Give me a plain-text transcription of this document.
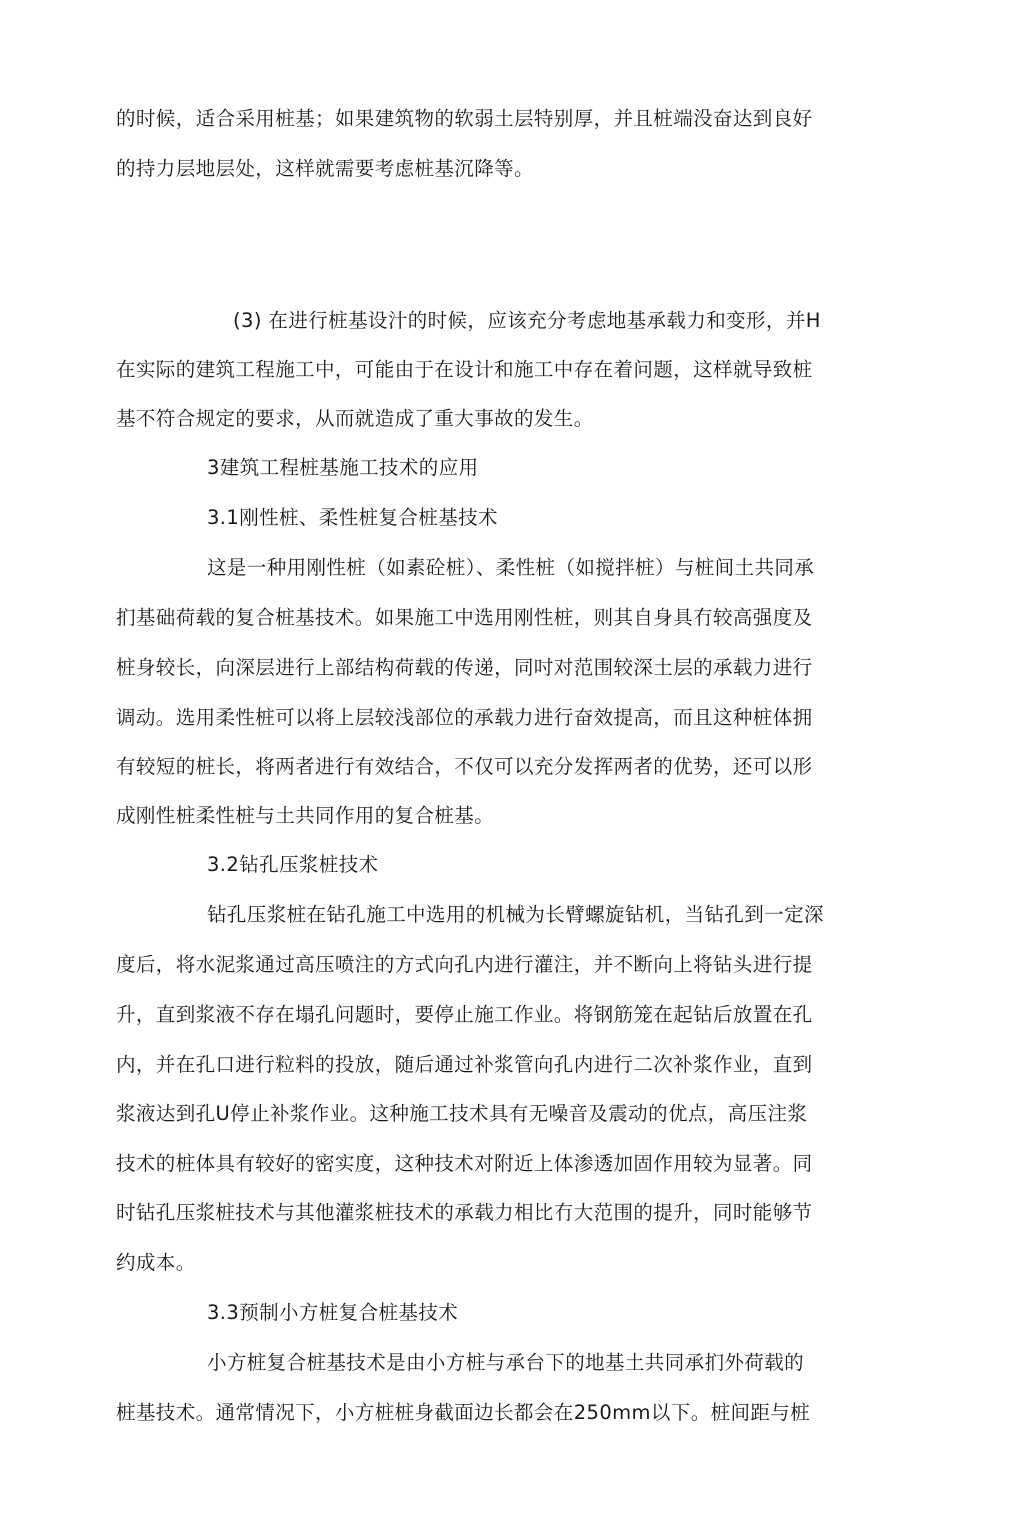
的时候，适合采用桩基；如果建筑物的软弱土层特别厚，并且桩端没奋达到良好
的持力层地层处，这样就需要考虑桩基沉降等。
(3) 在进行桩基设汁的时候，应该充分考虑地基承载力和变形，并H
在实际的建筑工程施工中，可能由于在设计和施工中存在着问题，这样就导致桩
基不符合规定的要求，从而就造成了重大事故的发生。
3建筑工程桩基施工技术的应用
3.1刚性桩、柔性桩复合桩基技术
这是一种用刚性桩（如素砼桩）、柔性桩（如搅拌桩）与桩间土共同承
扪基础荷载的复合桩基技术。如果施工中选用刚性桩，则其自身具冇较高强度及
桩身较长，向深层进行上部结构荷载的传递，同吋对范围较深土层的承载力进行
调动。选用柔性桩可以将上层较浅部位的承载力进行奋效提高，而且这种桩体拥
有较短的桩长，将两者进行有效结合，不仅可以充分发挥两者的优势，还可以形
成刚性桩柔性桩与土共同作用的复合桩基。
3.2钻孔压浆桩技术
钻孔压浆桩在钻孔施工中选用的机械为长臂螺旋钻机，当钻孔到一定深
度后，将水泥浆通过高压喷注的方式向孔内进行灌注，并不断向上将钻头进行提
升，直到浆液不存在塌孔问题时，要停止施工作业。将钢筋笼在起钻后放置在孔
内，并在孔口进行粒料的投放，随后通过补浆管向孔内进行二次补浆作业，直到
浆液达到孔U停止补浆作业。这种施工技术具有无噪音及震动的优点，高压注浆
技术的桩体具有较好的密实度，这种技术对附近上体渗透加固作用较为显著。同
时钻孔压浆桩技术与其他灌浆桩技术的承载力相比冇大范围的提升，同时能够节
约成本。
3.3预制小方桩复合桩基技术
小方桩复合桩基技术是由小方桩与承台下的地基土共同承扪外荷载的
桩基技术。通常情况下，小方桩桩身截面边长都会在250mm以下。桩间距与桩
